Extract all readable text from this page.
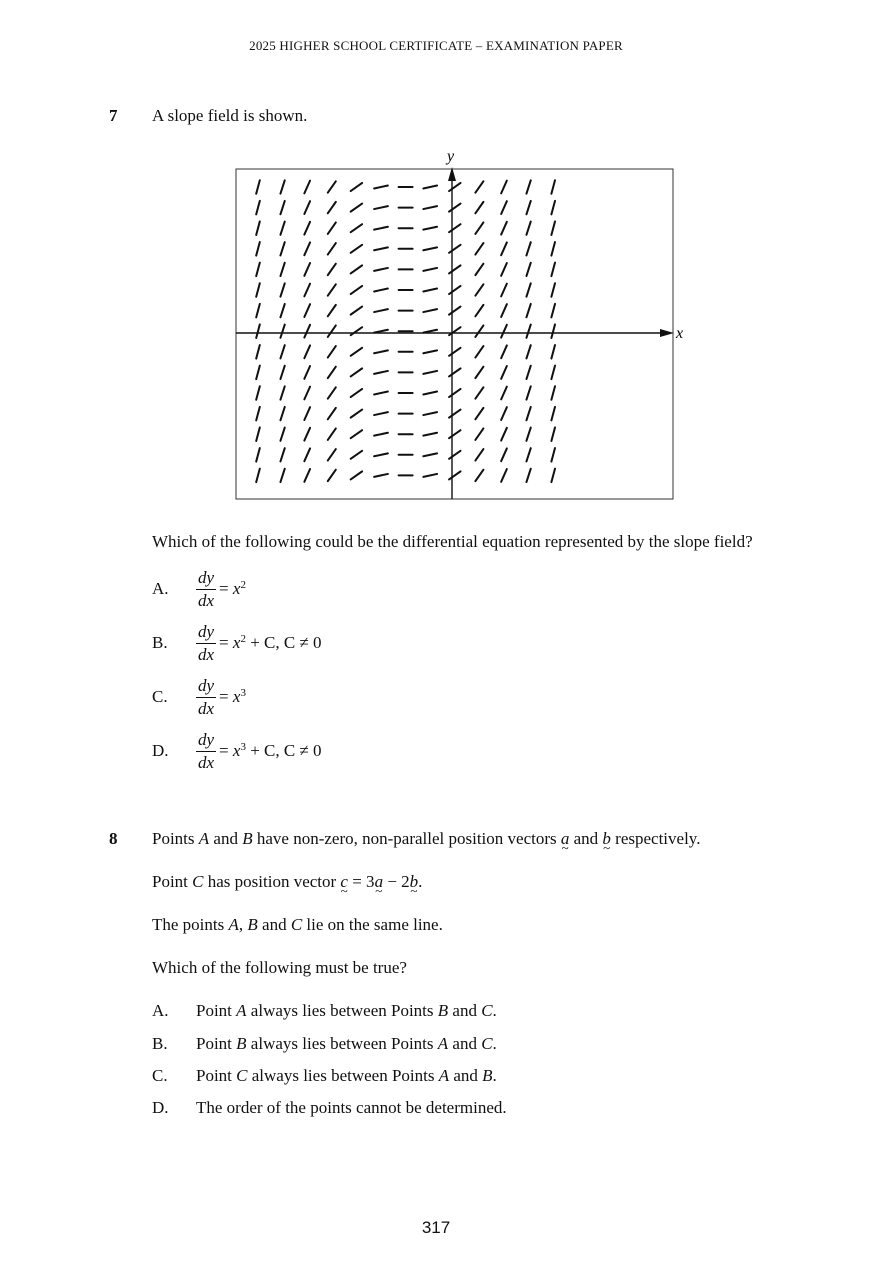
2025 HIGHER SCHOOL CERTIFICATE – EXAMINATION PAPER
7 A slope field is shown.
y
x
Which of the following could be the differential equation represented by the slope field?
A. $\frac{dy}{dx} = x^2$
B. $\frac{dy}{dx} = x^2 + C$, C ≠ 0
C. $\frac{dy}{dx} = x^3$
D. $\frac{dy}{dx} = x^3 + C$, C ≠ 0
8 Points A and B have non-zero, non-parallel position vectors a ~ and b ~ respectively.
Point C has position vector c ~ = 3a ~ − 2b ~.
The points A, B and C lie on the same line.
Which of the following must be true?
A. Point A always lies between Points B and C.
B. Point B always lies between Points A and C.
C. Point C always lies between Points A and B.
D. The order of the points cannot be determined.
317
